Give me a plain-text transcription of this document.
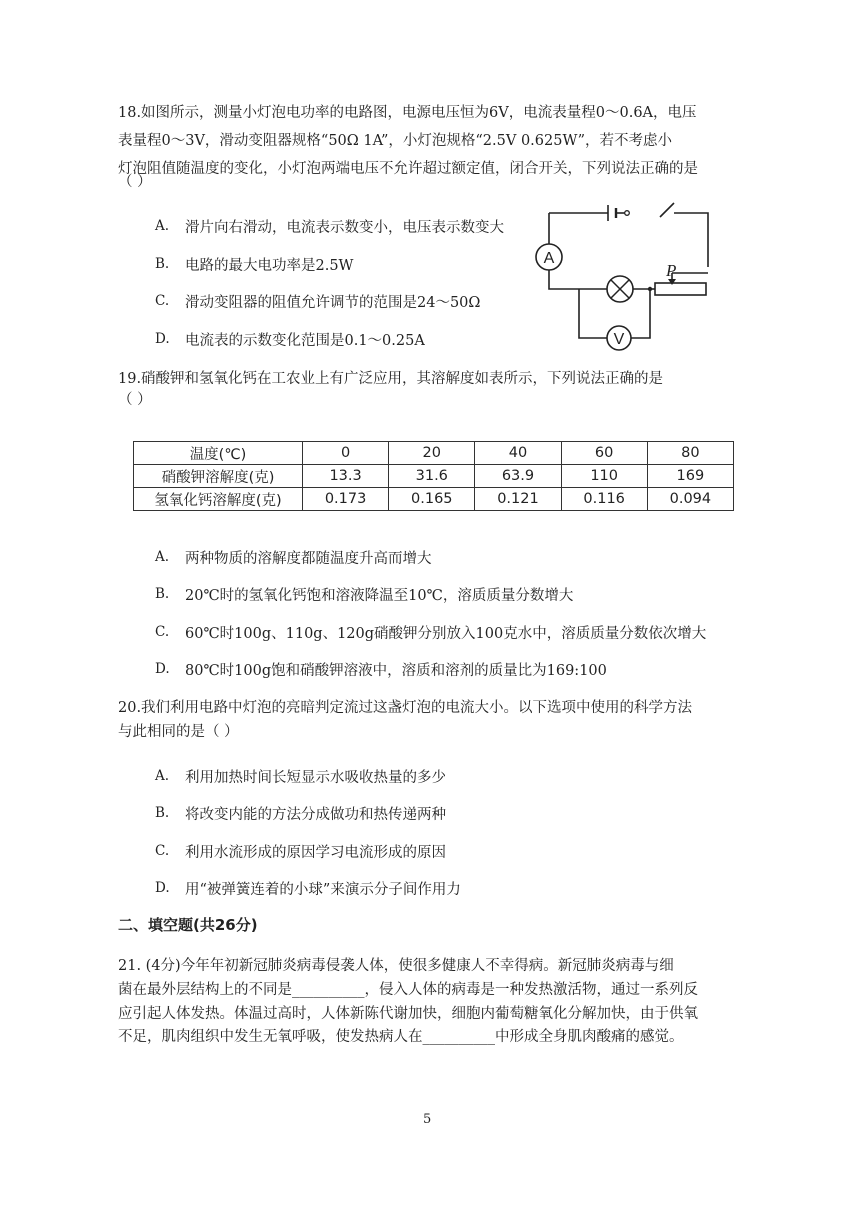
18.如图所示，测量小灯泡电功率的电路图，电源电压恒为6V，电流表量程0～0.6A，电压
表量程0～3V，滑动变阻器规格“50Ω 1A”，小灯泡规格“2.5V 0.625W”，若不考虑小
灯泡阻值随温度的变化，小灯泡两端电压不允许超过额定值，闭合开关，下列说法正确的是
（ ）
A. 滑片向右滑动，电流表示数变小，电压表示数变大
B. 电路的最大电功率是2.5W
C. 滑动变阻器的阻值允许调节的范围是24～50Ω
D. 电流表的示数变化范围是0.1～0.25A
A
P
V
19.硝酸钾和氢氧化钙在工农业上有广泛应用，其溶解度如表所示，下列说法正确的是
（ ）
温度(℃)	0	20	40	60	80
硝酸钾溶解度(克)	13.3	31.6	63.9	110	169
氢氧化钙溶解度(克)	0.173	0.165	0.121	0.116	0.094
A. 两种物质的溶解度都随温度升高而增大
B. 20℃时的氢氧化钙饱和溶液降温至10℃，溶质质量分数增大
C. 60℃时100g、110g、120g硝酸钾分别放入100克水中，溶质质量分数依次增大
D. 80℃时100g饱和硝酸钾溶液中，溶质和溶剂的质量比为169:100
20.我们利用电路中灯泡的亮暗判定流过这盏灯泡的电流大小。以下选项中使用的科学方法
与此相同的是（ ）
A. 利用加热时间长短显示水吸收热量的多少
B. 将改变内能的方法分成做功和热传递两种
C. 利用水流形成的原因学习电流形成的原因
D. 用“被弹簧连着的小球”来演示分子间作用力
二、填空题(共26分)
21. (4分)今年年初新冠肺炎病毒侵袭人体，使很多健康人不幸得病。新冠肺炎病毒与细
菌在最外层结构上的不同是__________，侵入人体的病毒是一种发热激活物，通过一系列反
应引起人体发热。体温过高时，人体新陈代谢加快，细胞内葡萄糖氧化分解加快，由于供氧
不足，肌肉组织中发生无氧呼吸，使发热病人在__________中形成全身肌肉酸痛的感觉。
5
